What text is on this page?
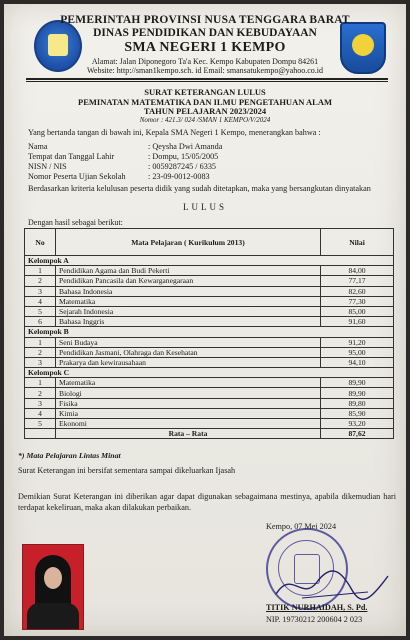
PEMERINTAH PROVINSI NUSA TENGGARA BARAT
DINAS PENDIDIKAN DAN KEBUDAYAAN
SMA NEGERI 1 KEMPO
Alamat: Jalan Diponegoro Ta'a Kec. Kempo Kabupaten Dompu 84261
Website: http://sman1kempo.sch. id Email: smansatukempo@yahoo.co.id
SURAT KETERANGAN LULUS
PEMINATAN MATEMATIKA DAN ILMU PENGETAHUAN ALAM
TAHUN PELAJARAN 2023/2024
Nomor : 421.3/ 024 /SMAN 1 KEMPO/V/2024
Yang bertanda tangan di bawah ini, Kepala SMA Negeri 1 Kempo, menerangkan bahwa :
Nama	: Qeysha Dwi Amanda
Tempat dan Tanggal Lahir	: Dompu, 15/05/2005
NISN / NIS	: 0059287245 / 6335
Nomor Peserta Ujian Sekolah	: 23-09-0012-0083
Berdasarkan kriteria kelulusan peserta didik yang sudah ditetapkan, maka yang bersangkutan dinyatakan
LULUS
Dengan hasil sebagai berikut:
No	Mata Pelajaran ( Kurikulum 2013)	Nilai
Kelompok A		
1	Pendidikan Agama dan Budi Pekerti	84,00
2	Pendidikan Pancasila dan Kewarganegaraan	77,17
3	Bahasa Indonesia	82,60
4	Matematika	77,30
5	Sejarah Indonesia	85,00
6	Bahasa Inggris	91,60
Kelompok B		
1	Seni Budaya	91,20
2	Pendidikan Jasmani, Olahraga dan Kesehatan	95,00
3	Prakarya dan kewirausahaan	94,10
Kelompok C		
1	Matematika	89,90
2	Biologi	89,90
3	Fisika	89,80
4	Kimia	85,90
5	Ekonomi	93,20
	Rata – Rata	87,62
*) Mata Pelajaran Lintas Minat
Surat Keterangan ini bersifat sementara sampai dikeluarkan Ijasah
Demikian Surat Keterangan ini diberikan agar dapat digunakan sebagaimana mestinya, apabila dikemudian hari terdapat kekeliruan, maka akan dilakukan perbaikan.
Kempo, 07 Mei 2024
TITIK NURHAIDAH, S. Pd.
NIP. 19730212 200604 2 023
